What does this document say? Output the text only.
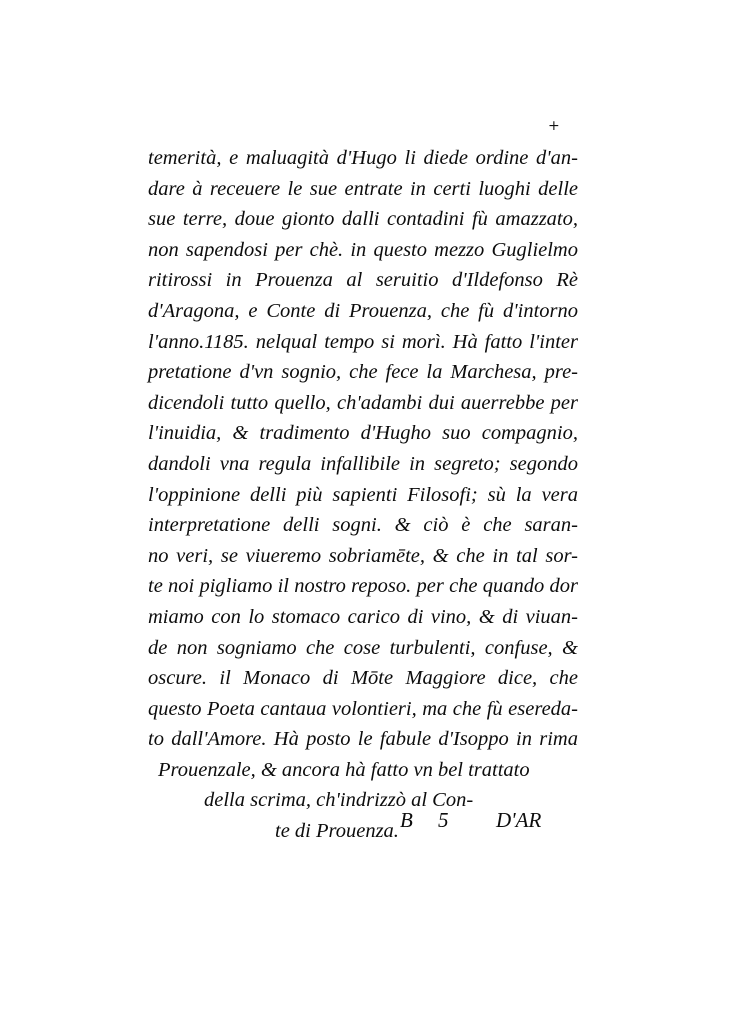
+
temerità, e maluagità d'Hugo li diede ordine d'an-
dare à receuere le sue entrate in certi luoghi delle
sue terre, doue gionto dalli contadini fù amazzato,
non sapendosi per chè. in questo mezzo Guglielmo
ritirossi in Prouenza al seruitio d'Ildefonso Rè
d'Aragona, e Conte di Prouenza, che fù d'intorno
l'anno.1185. nelqual tempo si morì. Hà fatto l'inter
pretatione d'vn sognio, che fece la Marchesa, pre-
dicendoli tutto quello, ch'adambi dui auerrebbe per
l'inuidia, & tradimento d'Hugho suo compagnio,
dandoli vna regula infallibile in segreto; segondo
l'oppinione delli più sapienti Filosofi; sù la vera
interpretatione delli sogni. & ciò è che saran-
no veri, se viueremo sobriamēte, & che in tal sor-
te noi pigliamo il nostro reposo. per che quando dor
miamo con lo stomaco carico di vino, & di viuan-
de non sogniamo che cose turbulenti, confuse, &
oscure. il Monaco di Mōte Maggiore dice, che
questo Poeta cantaua volontieri, ma che fù esereda-
to dall'Amore. Hà posto le fabule d'Isoppo in rima
Prouenzale, & ancora hà fatto vn bel trattato
della scrima, ch'indrizzò al Con-
te di Prouenza. B 5 D'AR
